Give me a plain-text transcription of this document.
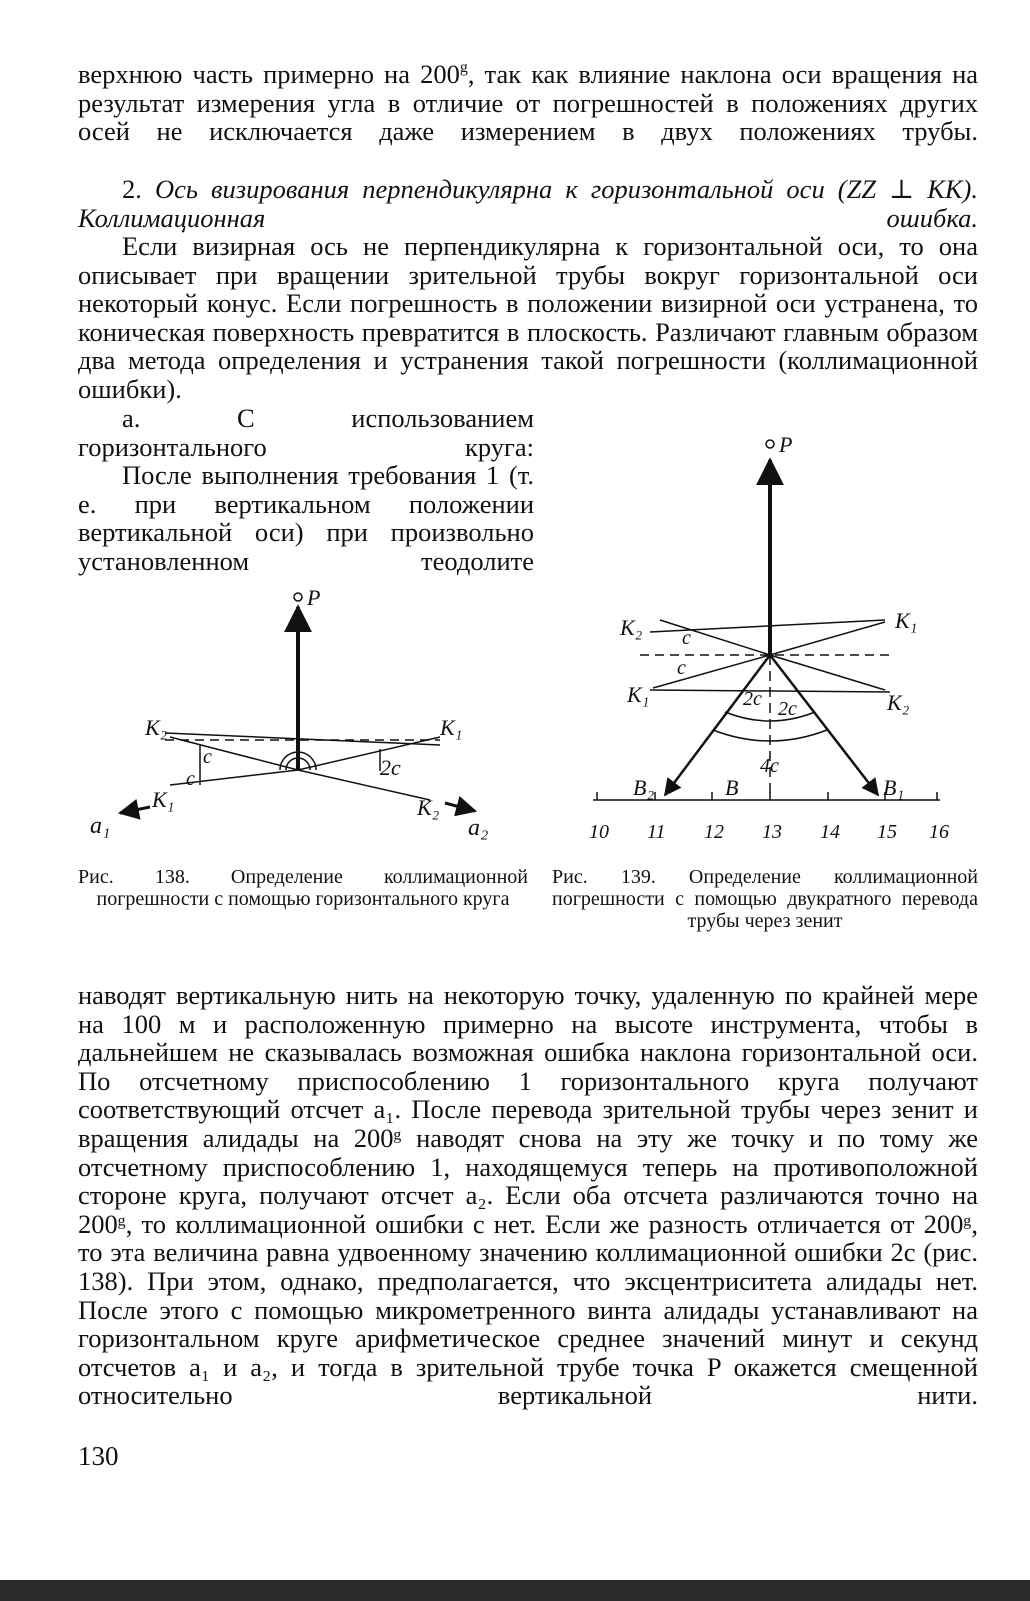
верхнюю часть примерно на 200$^g$, так как влияние наклона оси вращения на результат измерения угла в отличие от погрешностей в положениях других осей не исключается даже измерением в двух положениях трубы.

2. Ось визирования перпендикулярна к горизонтальной оси (ZZ ⊥ KK). Коллимационная ошибка.

Если визирная ось не перпендикулярна к горизонтальной оси, то она описывает при вращении зрительной трубы вокруг горизонтальной оси некоторый конус. Если погрешность в положении визирной оси устранена, то коническая поверхность превратится в плоскость. Различают главным образом два метода определения и устранения такой погрешности (коллимационной ошибки).

а. С использованием горизонтального круга:

После выполнения требования 1 (т. е. при вертикальном положении вертикальной оси) при произвольно установленном теодолите

P
K₂	K₁
c
c	2c
K₁	K₂
a₁	a₂
P
K₂	K₁
c
c
K₁	K₂
2c 2c
4c
B₂	B	B₁
10 11 12 13 14 15 16

Рис. 138. Определение коллимационной погрешности с помощью горизонтального круга

Рис. 139. Определение коллимационной погрешности с помощью двукратного перевода трубы через зенит

наводят вертикальную нить на некоторую точку, удаленную по крайней мере на 100 м и расположенную примерно на высоте инструмента, чтобы в дальнейшем не сказывалась возможная ошибка наклона горизонтальной оси. По отсчетному приспособлению 1 горизонтального круга получают соответствующий отсчет a₁. После перевода зрительной трубы через зенит и вращения алидады на 200ᵍ наводят снова на эту же точку и по тому же отсчетному приспособлению 1, находящемуся теперь на противоположной стороне круга, получают отсчет a₂. Если оба отсчета различаются точно на 200ᵍ, то коллимационной ошибки c нет. Если же разность отличается от 200ᵍ, то эта величина равна удвоенному значению коллимационной ошибки 2c (рис. 138). При этом, однако, предполагается, что эксцентриситета алидады нет. После этого с помощью микрометренного винта алидады устанавливают на горизонтальном круге арифметическое среднее значений минут и секунд отсчетов a₁ и a₂, и тогда в зрительной трубе точка P окажется смещенной относительно вертикальной нити.

130
